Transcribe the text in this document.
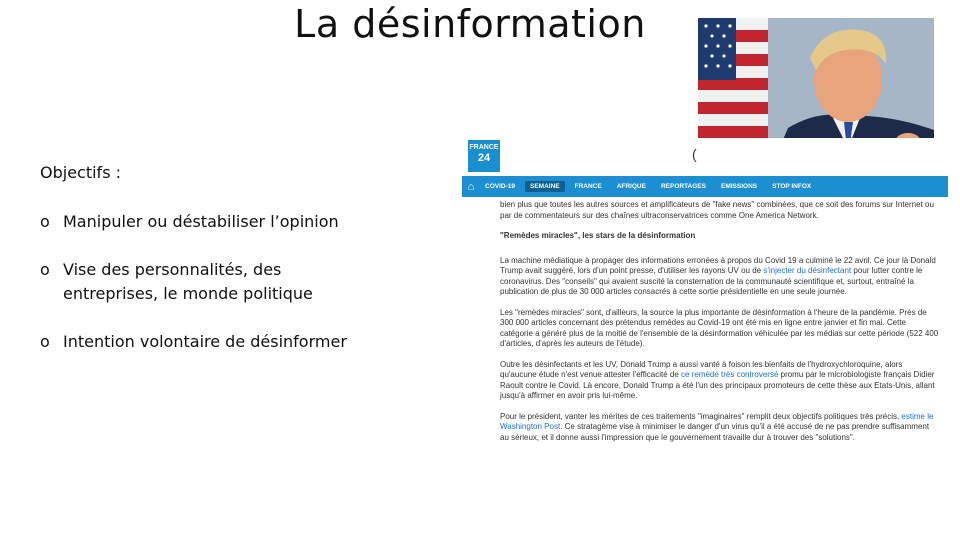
La désinformation
Objectifs :
o Manipuler ou déstabiliser l’opinion
o Vise des personnalités, des entreprises, le monde politique
o Intention volontaire de désinformer
FRANCE
24	(
⌂	COVID-19	SEMAINE	FRANCE	AFRIQUE	REPORTAGES	EMISSIONS	STOP INFOX

bien plus que toutes les autres sources et amplificateurs de "fake news" combinées, que ce soit des forums sur Internet ou par de commentateurs sur des chaînes ultraconservatrices comme One America Network.

"Remèdes miracles", les stars de la désinformation

La machine médiatique à propager des informations erronées à propos du Covid 19 a culminé le 22 avril. Ce jour là Donald Trump avait suggéré, lors d'un point presse, d'utiliser les rayons UV ou de s'injecter du désinfectant pour lutter contre le coronavirus. Des "conseils" qui avaient suscité la consternation de la communauté scientifique et, surtout, entraîné la publication de plus de 30 000 articles consacrés à cette sortie présidentielle en une seule journée.

Les "remèdes miracles" sont, d'ailleurs, la source la plus importante de désinformation à l'heure de la pandémie. Près de 300 000 articles concernant des prétendus remèdes au Covid-19 ont été mis en ligne entre janvier et fin mai. Cette catégorie a généré plus de la moitié de l'ensemble de la désinformation véhiculée par les médias sur cette période (522 400 d'articles, d'après les auteurs de l'étude).

Outre les désinfectants et les UV, Donald Trump a aussi vanté à foison les bienfaits de l'hydroxychloroquine, alors qu'aucune étude n'est venue attester l'efficacité de ce remède très controversé promu par le microbiologiste français Didier Raoult contre le Covid. Là encore, Donald Trump a été l'un des principaux promoteurs de cette thèse aux Etats-Unis, allant jusqu'à affirmer en avoir pris lui-même.

Pour le président, vanter les mérites de ces traitements "imaginaires" remplit deux objectifs politiques très précis, estime le Washington Post. Ce stratagème vise à minimiser le danger d'un virus qu'il a été accusé de ne pas prendre suffisamment au sérieux, et il donne aussi l'impression que le gouvernement travaille dur à trouver des "solutions".
